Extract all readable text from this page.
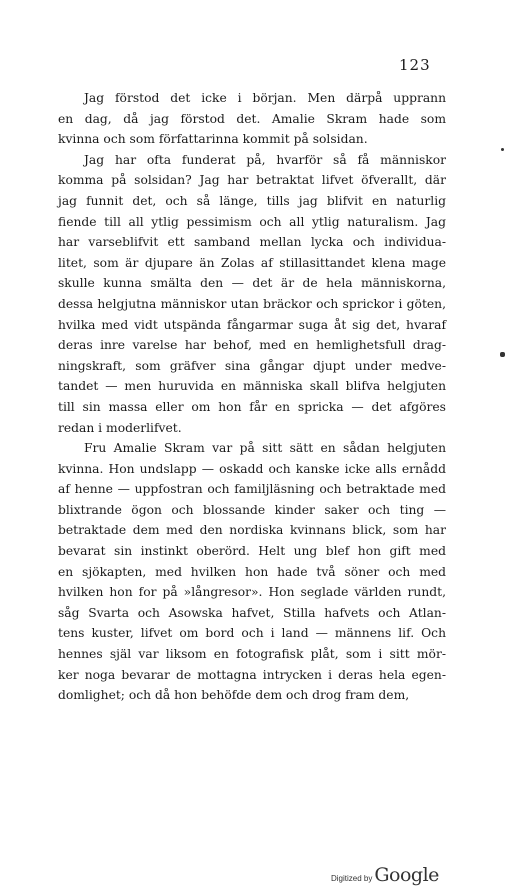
123
Jag förstod det icke i början. Men därpå upprann
en dag, då jag förstod det. Amalie Skram hade som
kvinna och som författarinna kommit på solsidan.
Jag har ofta funderat på, hvarför så få människor
komma på solsidan? Jag har betraktat lifvet öfverallt, där
jag funnit det, och så länge, tills jag blifvit en naturlig
fiende till all ytlig pessimism och all ytlig naturalism. Jag
har varseblifvit ett samband mellan lycka och individua-
litet, som är djupare än Zolas af stillasittandet klena mage
skulle kunna smälta den — det är de hela människorna,
dessa helgjutna människor utan bräckor och sprickor i göten,
hvilka med vidt utspända fångarmar suga åt sig det, hvaraf
deras inre varelse har behof, med en hemlighetsfull drag-
ningskraft, som gräfver sina gångar djupt under medve-
tandet — men huruvida en människa skall blifva helgjuten
till sin massa eller om hon får en spricka — det afgöres
redan i moderlifvet.
Fru Amalie Skram var på sitt sätt en sådan helgjuten
kvinna. Hon undslapp — oskadd och kanske icke alls ernådd
af henne — uppfostran och familjläsning och betraktade med
blixtrande ögon och blossande kinder saker och ting —
betraktade dem med den nordiska kvinnans blick, som har
bevarat sin instinkt oberörd. Helt ung blef hon gift med
en sjökapten, med hvilken hon hade två söner och med
hvilken hon for på »långresor». Hon seglade världen rundt,
såg Svarta och Asowska hafvet, Stilla hafvets och Atlan-
tens kuster, lifvet om bord och i land — männens lif. Och
hennes själ var liksom en fotografisk plåt, som i sitt mör-
ker noga bevarar de mottagna intrycken i deras hela egen-
domlighet; och då hon behöfde dem och drog fram dem,
Digitized by Google
